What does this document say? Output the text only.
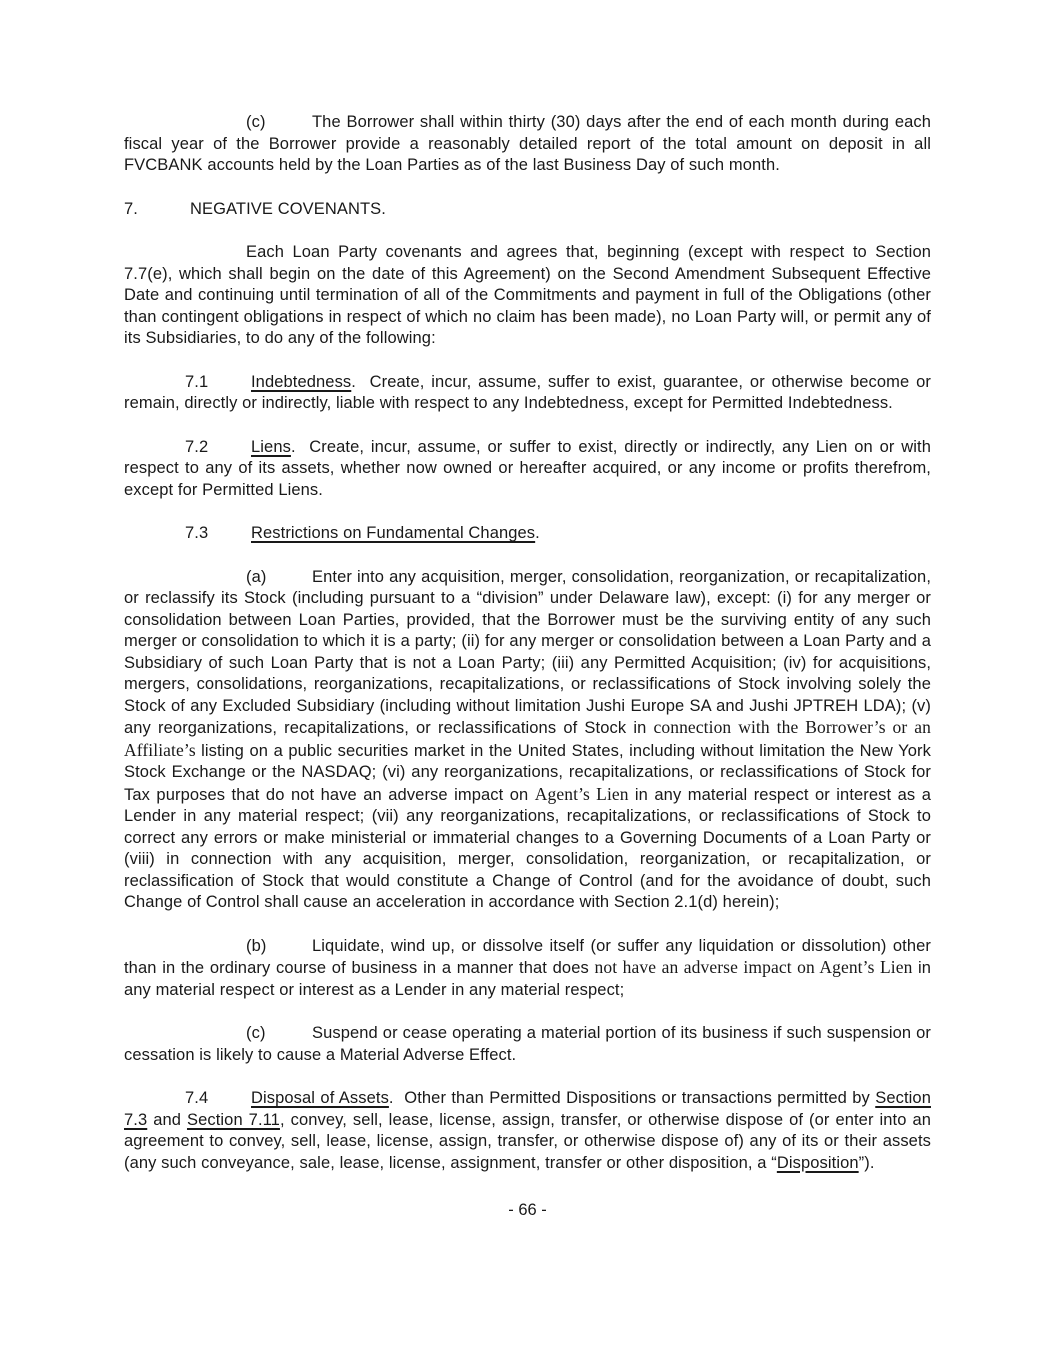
(c)	The Borrower shall within thirty (30) days after the end of each month during each fiscal year of the Borrower provide a reasonably detailed report of the total amount on deposit in all FVCBANK accounts held by the Loan Parties as of the last Business Day of such month.

7.	NEGATIVE COVENANTS.

Each Loan Party covenants and agrees that, beginning (except with respect to Section 7.7(e), which shall begin on the date of this Agreement) on the Second Amendment Subsequent Effective Date and continuing until termination of all of the Commitments and payment in full of the Obligations (other than contingent obligations in respect of which no claim has been made), no Loan Party will, or permit any of its Subsidiaries, to do any of the following:

7.1	Indebtedness.  Create, incur, assume, suffer to exist, guarantee, or otherwise become or remain, directly or indirectly, liable with respect to any Indebtedness, except for Permitted Indebtedness.

7.2	Liens.  Create, incur, assume, or suffer to exist, directly or indirectly, any Lien on or with respect to any of its assets, whether now owned or hereafter acquired, or any income or profits therefrom, except for Permitted Liens.

7.3	Restrictions on Fundamental Changes.

(a)	Enter into any acquisition, merger, consolidation, reorganization, or recapitalization, or reclassify its Stock (including pursuant to a “division” under Delaware law), except: (i) for any merger or consolidation between Loan Parties, provided, that the Borrower must be the surviving entity of any such merger or consolidation to which it is a party; (ii) for any merger or consolidation between a Loan Party and a Subsidiary of such Loan Party that is not a Loan Party; (iii) any Permitted Acquisition; (iv) for acquisitions, mergers, consolidations, reorganizations, recapitalizations, or reclassifications of Stock involving solely the Stock of any Excluded Subsidiary (including without limitation Jushi Europe SA and Jushi JPTREH LDA); (v) any reorganizations, recapitalizations, or reclassifications of Stock in connection with the Borrower’s or an Affiliate’s listing on a public securities market in the United States, including without limitation the New York Stock Exchange or the NASDAQ; (vi) any reorganizations, recapitalizations, or reclassifications of Stock for Tax purposes that do not have an adverse impact on Agent’s Lien in any material respect or interest as a Lender in any material respect; (vii) any reorganizations, recapitalizations, or reclassifications of Stock to correct any errors or make ministerial or immaterial changes to a Governing Documents of a Loan Party or (viii) in connection with any acquisition, merger, consolidation, reorganization, or recapitalization, or reclassification of Stock that would constitute a Change of Control (and for the avoidance of doubt, such Change of Control shall cause an acceleration in accordance with Section 2.1(d) herein);

(b)	Liquidate, wind up, or dissolve itself (or suffer any liquidation or dissolution) other than in the ordinary course of business in a manner that does not have an adverse impact on Agent’s Lien in any material respect or interest as a Lender in any material respect;

(c)	Suspend or cease operating a material portion of its business if such suspension or cessation is likely to cause a Material Adverse Effect.

7.4	Disposal of Assets.  Other than Permitted Dispositions or transactions permitted by Section 7.3 and Section 7.11, convey, sell, lease, license, assign, transfer, or otherwise dispose of (or enter into an agreement to convey, sell, lease, license, assign, transfer, or otherwise dispose of) any of its or their assets (any such conveyance, sale, lease, license, assignment, transfer or other disposition, a “Disposition”).

- 66 -
